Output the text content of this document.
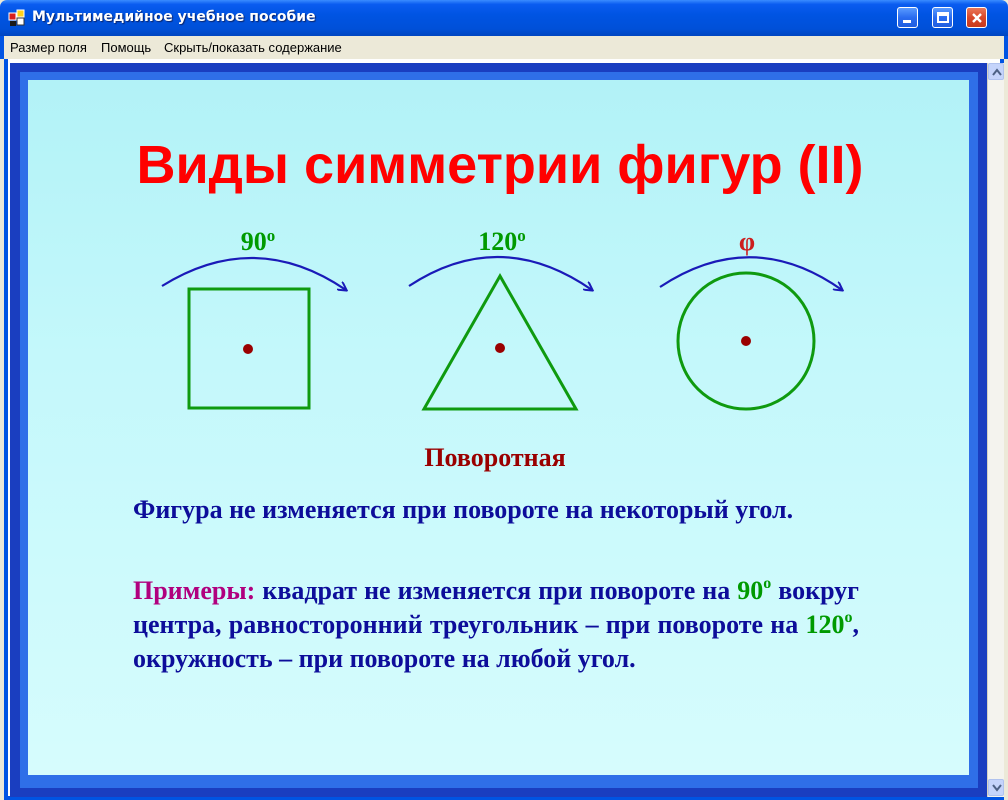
Мультимедийное учебное пособие
Размер поля Помощь Скрыть/показать содержание
Виды симметрии фигур (II)
90$^o$	120$^o$	φ
Поворотная
Фигура не изменяется при повороте на некоторый угол.
Примеры: квадрат не изменяется при повороте на 90$^o$ вокруг центра, равносторонний треугольник – при повороте на 120$^o$, окружность – при повороте на любой угол.
